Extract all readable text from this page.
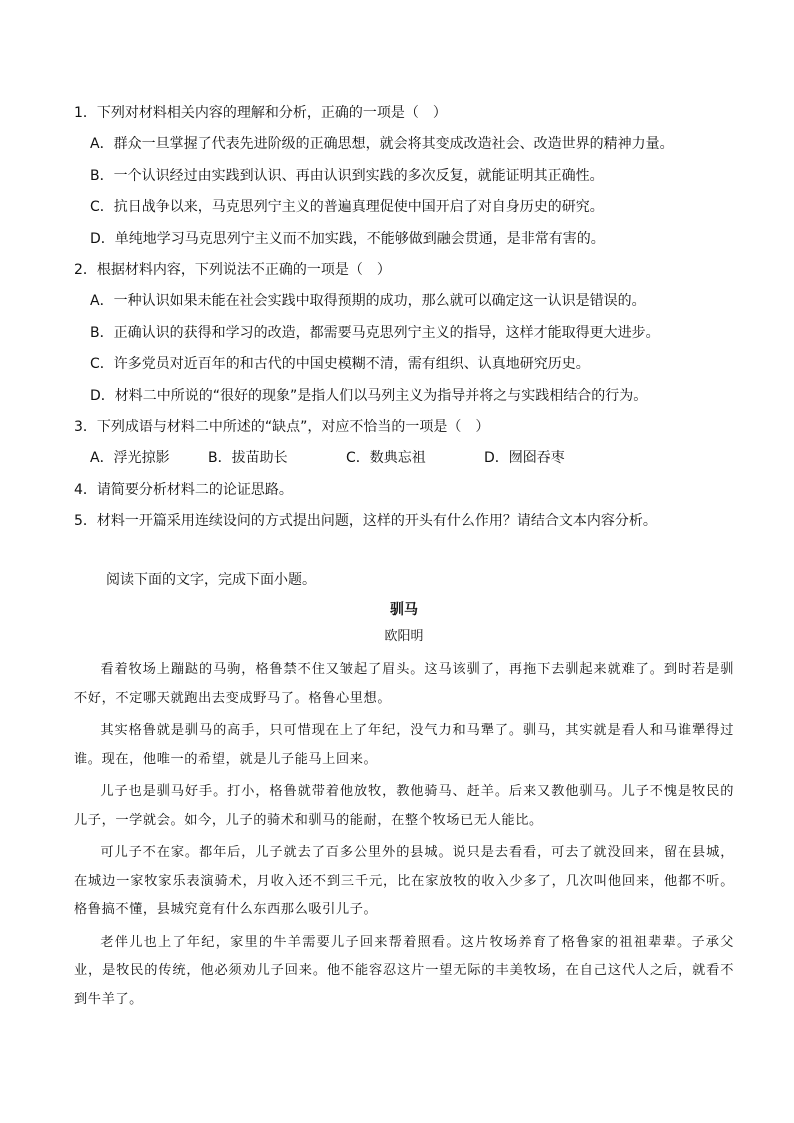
1．下列对材料相关内容的理解和分析，正确的一项是（　）
A．群众一旦掌握了代表先进阶级的正确思想，就会将其变成改造社会、改造世界的精神力量。
B．一个认识经过由实践到认识、再由认识到实践的多次反复，就能证明其正确性。
C．抗日战争以来，马克思列宁主义的普遍真理促使中国开启了对自身历史的研究。
D．单纯地学习马克思列宁主义而不加实践，不能够做到融会贯通，是非常有害的。
2．根据材料内容，下列说法不正确的一项是（　）
A．一种认识如果未能在社会实践中取得预期的成功，那么就可以确定这一认识是错误的。
B．正确认识的获得和学习的改造，都需要马克思列宁主义的指导，这样才能取得更大进步。
C．许多党员对近百年的和古代的中国史模糊不清，需有组织、认真地研究历史。
D．材料二中所说的“很好的现象”是指人们以马列主义为指导并将之与实践相结合的行为。
3．下列成语与材料二中所述的“缺点”，对应不恰当的一项是（　）
A．浮光掠影	B．拔苗助长	C．数典忘祖	D．囫囵吞枣
4．请简要分析材料二的论证思路。
5．材料一开篇采用连续设问的方式提出问题，这样的开头有什么作用？请结合文本内容分析。
阅读下面的文字，完成下面小题。
驯马
欧阳明

看着牧场上蹦跶的马驹，格鲁禁不住又皱起了眉头。这马该驯了，再拖下去驯起来就难了。到时若是驯不好，不定哪天就跑出去变成野马了。格鲁心里想。

其实格鲁就是驯马的高手，只可惜现在上了年纪，没气力和马犟了。驯马，其实就是看人和马谁犟得过谁。现在，他唯一的希望，就是儿子能马上回来。

儿子也是驯马好手。打小，格鲁就带着他放牧，教他骑马、赶羊。后来又教他驯马。儿子不愧是牧民的儿子，一学就会。如今，儿子的骑术和驯马的能耐，在整个牧场已无人能比。

可儿子不在家。都年后，儿子就去了百多公里外的县城。说只是去看看，可去了就没回来，留在县城，在城边一家牧家乐表演骑术，月收入还不到三千元，比在家放牧的收入少多了，几次叫他回来，他都不听。格鲁搞不懂，县城究竟有什么东西那么吸引儿子。

老伴儿也上了年纪，家里的牛羊需要儿子回来帮着照看。这片牧场养育了格鲁家的祖祖辈辈。子承父业，是牧民的传统，他必须劝儿子回来。他不能容忍这片一望无际的丰美牧场，在自己这代人之后，就看不到牛羊了。
